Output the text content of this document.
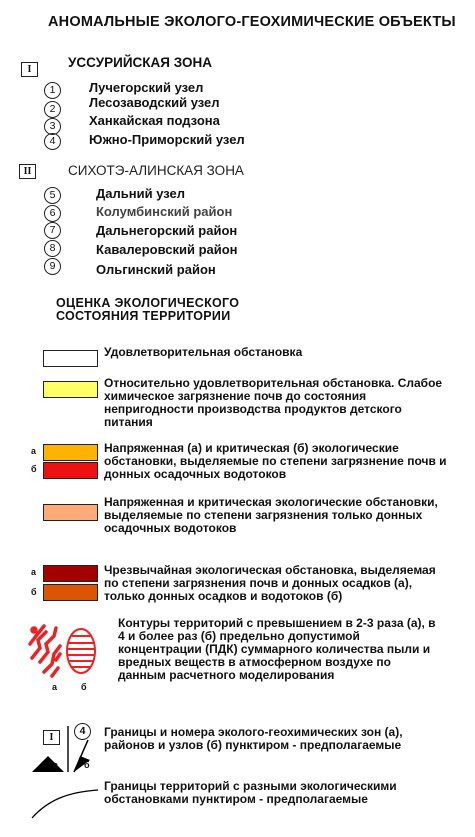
АНОМАЛЬНЫЕ ЭКОЛОГО-ГЕОХИМИЧЕСКИЕ ОБЪЕКТЫ
I	УССУРИЙСКАЯ ЗОНА
1	Лучегорский узел
2	Лесозаводский узел
3	Ханкайская подзона
4	Южно-Приморский узел
II	СИХОТЭ-АЛИНСКАЯ ЗОНА
5	Дальний узел
6	Колумбинский район
7	Дальнегорский район
8	Кавалеровский район
9	Ольгинский район
ОЦЕНКА ЭКОЛОГИЧЕСКОГО
СОСТОЯНИЯ ТЕРРИТОРИИ
Удовлетворительная обстановка
Относительно удовлетворительная обстановка. Слабое химическое загрязнение почв до состояния непригодности производства продуктов детского питания
а
б
Напряженная (а) и критическая (б) экологические обстановки, выделяемые по степени загрязнение почв и донных осадочных водотоков
Напряженная и критическая экологические обстановки, выделяемые по степени загрязнения только донных осадочных водотоков
а
б
Чрезвычайная экологическая обстановка, выделяемая по степени загрязнения почв и донных осадков (а), только донных осадков и водотоков (б)
а	б
Контуры территорий с превышением в 2-3 раза (а), в 4 и более раз (б) предельно допустимой концентрации (ПДК) суммарного количества пыли и вредных веществ в атмосферном воздухе по данным расчетного моделирования
I
4
а	б
Границы и номера эколого-геохимических зон (а), районов и узлов (б) пунктиром - предполагаемые
Границы территорий с разными экологическими обстановками пунктиром - предполагаемые
